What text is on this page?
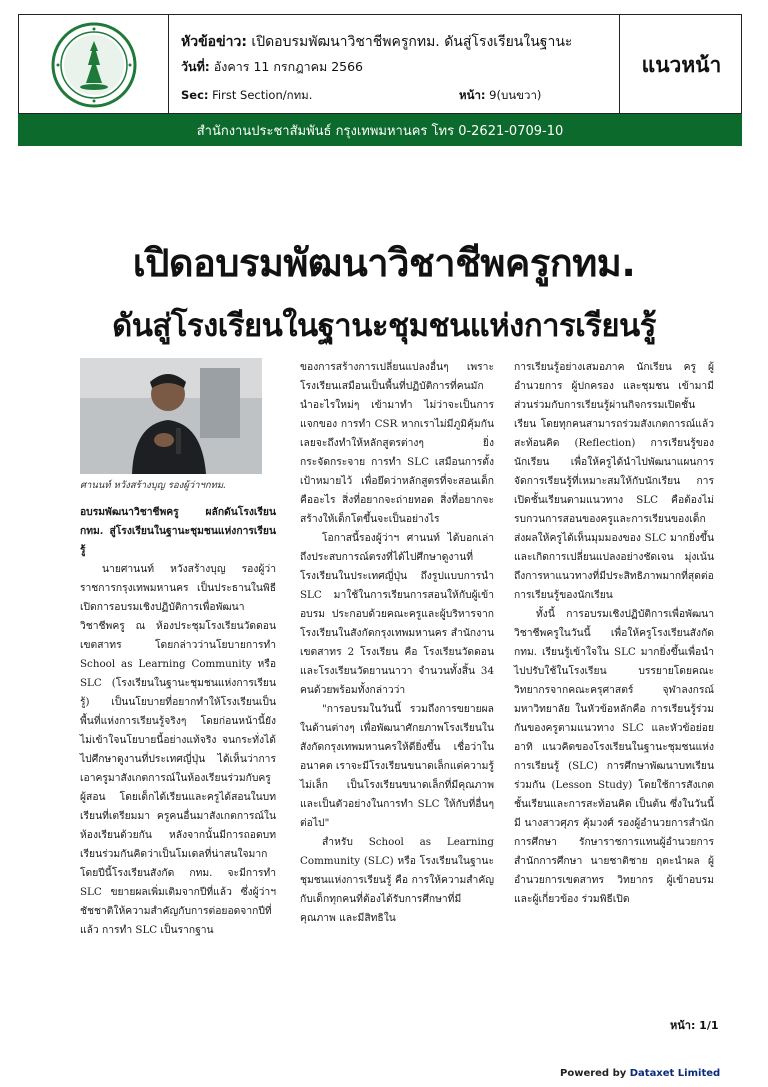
หัวข้อข่าว: เปิดอบรมพัฒนาวิชาชีพครูกทม. ดันสู่โรงเรียนในฐานะ
วันที่: อังคาร 11 กรกฎาคม 2566
Sec: First Section/กทม.	หน้า: 9(บนขวา)
แนวหน้า
สำนักงานประชาสัมพันธ์ กรุงเทพมหานคร โทร 0-2621-0709-10
เปิดอบรมพัฒนาวิชาชีพครูกทม.
ดันสู่โรงเรียนในฐานะชุมชนแห่งการเรียนรู้
ศานนท์ หวังสร้างบุญ รองผู้ว่าฯกทม.

อบรมพัฒนาวิชาชีพครู ผลักดันโรงเรียน กทม. สู่โรงเรียนในฐานะชุมชนแห่งการเรียนรู้

นายศานนท์ หวังสร้างบุญ รองผู้ว่าราชการกรุงเทพมหานคร เป็นประธานในพิธีเปิดการอบรมเชิงปฏิบัติการเพื่อพัฒนาวิชาชีพครู ณ ห้องประชุมโรงเรียนวัดดอน เขตสาทร โดยกล่าวว่านโยบายการทำ School as Learning Community หรือ SLC (โรงเรียนในฐานะชุมชนแห่งการเรียนรู้) เป็นนโยบายที่อยากทำให้โรงเรียนเป็นพื้นที่แห่งการเรียนรู้จริงๆ โดยก่อนหน้านี้ยังไม่เข้าใจนโยบายนี้อย่างแท้จริง จนกระทั่งได้ไปศึกษาดูงานที่ประเทศญี่ปุ่น ได้เห็นว่าการเอาครูมาสังเกตการณ์ในห้องเรียนร่วมกับครูผู้สอน โดยเด็กได้เรียนและครูได้สอนในบทเรียนที่เตรียมมา ครูคนอื่นมาสังเกตการณ์ในห้องเรียนด้วยกัน หลังจากนั้นมีการถอดบทเรียนร่วมกันคิดว่าเป็นโมเดลที่น่าสนใจมาก โดยปีนี้โรงเรียนสังกัด กทม. จะมีการทำ SLC ขยายผลเพิ่มเติมจากปีที่แล้ว ซึ่งผู้ว่าฯ ชัชชาติให้ความสำคัญกับการต่อยอดจากปีที่แล้ว การทำ SLC เป็นรากฐาน

ของการสร้างการเปลี่ยนแปลงอื่นๆ เพราะโรงเรียนเสมือนเป็นพื้นที่ปฏิบัติการที่คนมักนำอะไรใหม่ๆ เข้ามาทำ ไม่ว่าจะเป็นการแจกของ การทำ CSR หากเราไม่มีภูมิคุ้มกันเลยจะถึงทำให้หลักสูตรต่างๆ ยิ่งกระจัดกระจาย การทำ SLC เสมือนการตั้งเป้าหมายไว้ เพื่อยึดว่าหลักสูตรที่จะสอนเด็กคืออะไร สิ่งที่อยากจะถ่ายทอด สิ่งที่อยากจะสร้างให้เด็กโตขึ้นจะเป็นอย่างไร

โอกาสนี้รองผู้ว่าฯ ศานนท์ ได้บอกเล่าถึงประสบการณ์ตรงที่ได้ไปศึกษาดูงานที่โรงเรียนในประเทศญี่ปุ่น ถึงรูปแบบการนำ SLC มาใช้ในการเรียนการสอนให้กับผู้เข้าอบรม ประกอบด้วยคณะครูและผู้บริหารจากโรงเรียนในสังกัดกรุงเทพมหานคร สำนักงานเขตสาทร 2 โรงเรียน คือ โรงเรียนวัดดอน และโรงเรียนวัดยานนาวา จำนวนทั้งสิ้น 34 คนด้วยพร้อมทั้งกล่าวว่า

"การอบรมในวันนี้ รวมถึงการขยายผลในด้านต่างๆ เพื่อพัฒนาศักยภาพโรงเรียนในสังกัดกรุงเทพมหานครให้ดียิ่งขึ้น เชื่อว่าในอนาคต เราจะมีโรงเรียนขนาดเล็กแต่ความรู้ไม่เล็ก เป็นโรงเรียนขนาดเล็กที่มีคุณภาพและเป็นตัวอย่างในการทำ SLC ให้กับที่อื่นๆ ต่อไป"

สำหรับ School as Learning Community (SLC) หรือ โรงเรียนในฐานะชุมชนแห่งการเรียนรู้ คือ การให้ความสำคัญกับเด็กทุกคนที่ต้องได้รับการศึกษาที่มีคุณภาพ และมีสิทธิใน

การเรียนรู้อย่างเสมอภาค นักเรียน ครู ผู้อำนวยการ ผู้ปกครอง และชุมชน เข้ามามีส่วนร่วมกับการเรียนรู้ผ่านกิจกรรมเปิดชั้นเรียน โดยทุกคนสามารถร่วมสังเกตการณ์แล้วสะท้อนคิด (Reflection) การเรียนรู้ของนักเรียน เพื่อให้ครูได้นำไปพัฒนาแผนการจัดการเรียนรู้ที่เหมาะสมให้กับนักเรียน การเปิดชั้นเรียนตามแนวทาง SLC คือต้องไม่รบกวนการสอนของครูและการเรียนของเด็ก ส่งผลให้ครูได้เห็นมุมมองของ SLC มากยิ่งขึ้น และเกิดการเปลี่ยนแปลงอย่างชัดเจน มุ่งเน้นถึงการหาแนวทางที่มีประสิทธิภาพมากที่สุดต่อการเรียนรู้ของนักเรียน

ทั้งนี้ การอบรมเชิงปฏิบัติการเพื่อพัฒนาวิชาชีพครูในวันนี้ เพื่อให้ครูโรงเรียนสังกัด กทม. เรียนรู้เข้าใจใน SLC มากยิ่งขึ้นเพื่อนำไปปรับใช้ในโรงเรียน บรรยายโดยคณะวิทยากรจากคณะครุศาสตร์ จุฬาลงกรณ์มหาวิทยาลัย ในหัวข้อหลักคือ การเรียนรู้ร่วมกันของครูตามแนวทาง SLC และหัวข้อย่อย อาทิ แนวคิดของโรงเรียนในฐานะชุมชนแห่งการเรียนรู้ (SLC) การศึกษาพัฒนาบทเรียนร่วมกัน (Lesson Study) โดยใช้การสังเกตชั้นเรียนและการสะท้อนคิด เป็นต้น ซึ่งในวันนี้มี นางสาวศุภร คุ้มวงศ์ รองผู้อำนวยการสำนักการศึกษา รักษาราชการแทนผู้อำนวยการสำนักการศึกษา นายชาติชาย ฤตะนำผล ผู้อำนวยการเขตสาทร วิทยากร ผู้เข้าอบรม และผู้เกี่ยวข้อง ร่วมพิธีเปิด

หน้า: 1/1
Powered by Dataxet Limited
